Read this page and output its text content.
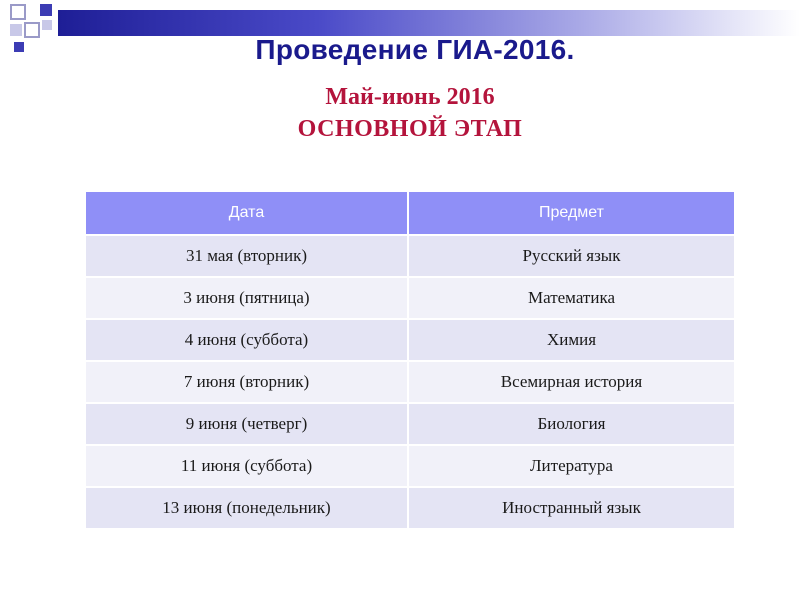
Проведение ГИА-2016.
Май-июнь 2016
ОСНОВНОЙ ЭТАП
Дата	Предмет
31 мая (вторник)	Русский язык
3 июня (пятница)	Математика
4 июня (суббота)	Химия
7 июня (вторник)	Всемирная история
9 июня (четверг)	Биология
11 июня (суббота)	Литература
13 июня (понедельник)	Иностранный язык
